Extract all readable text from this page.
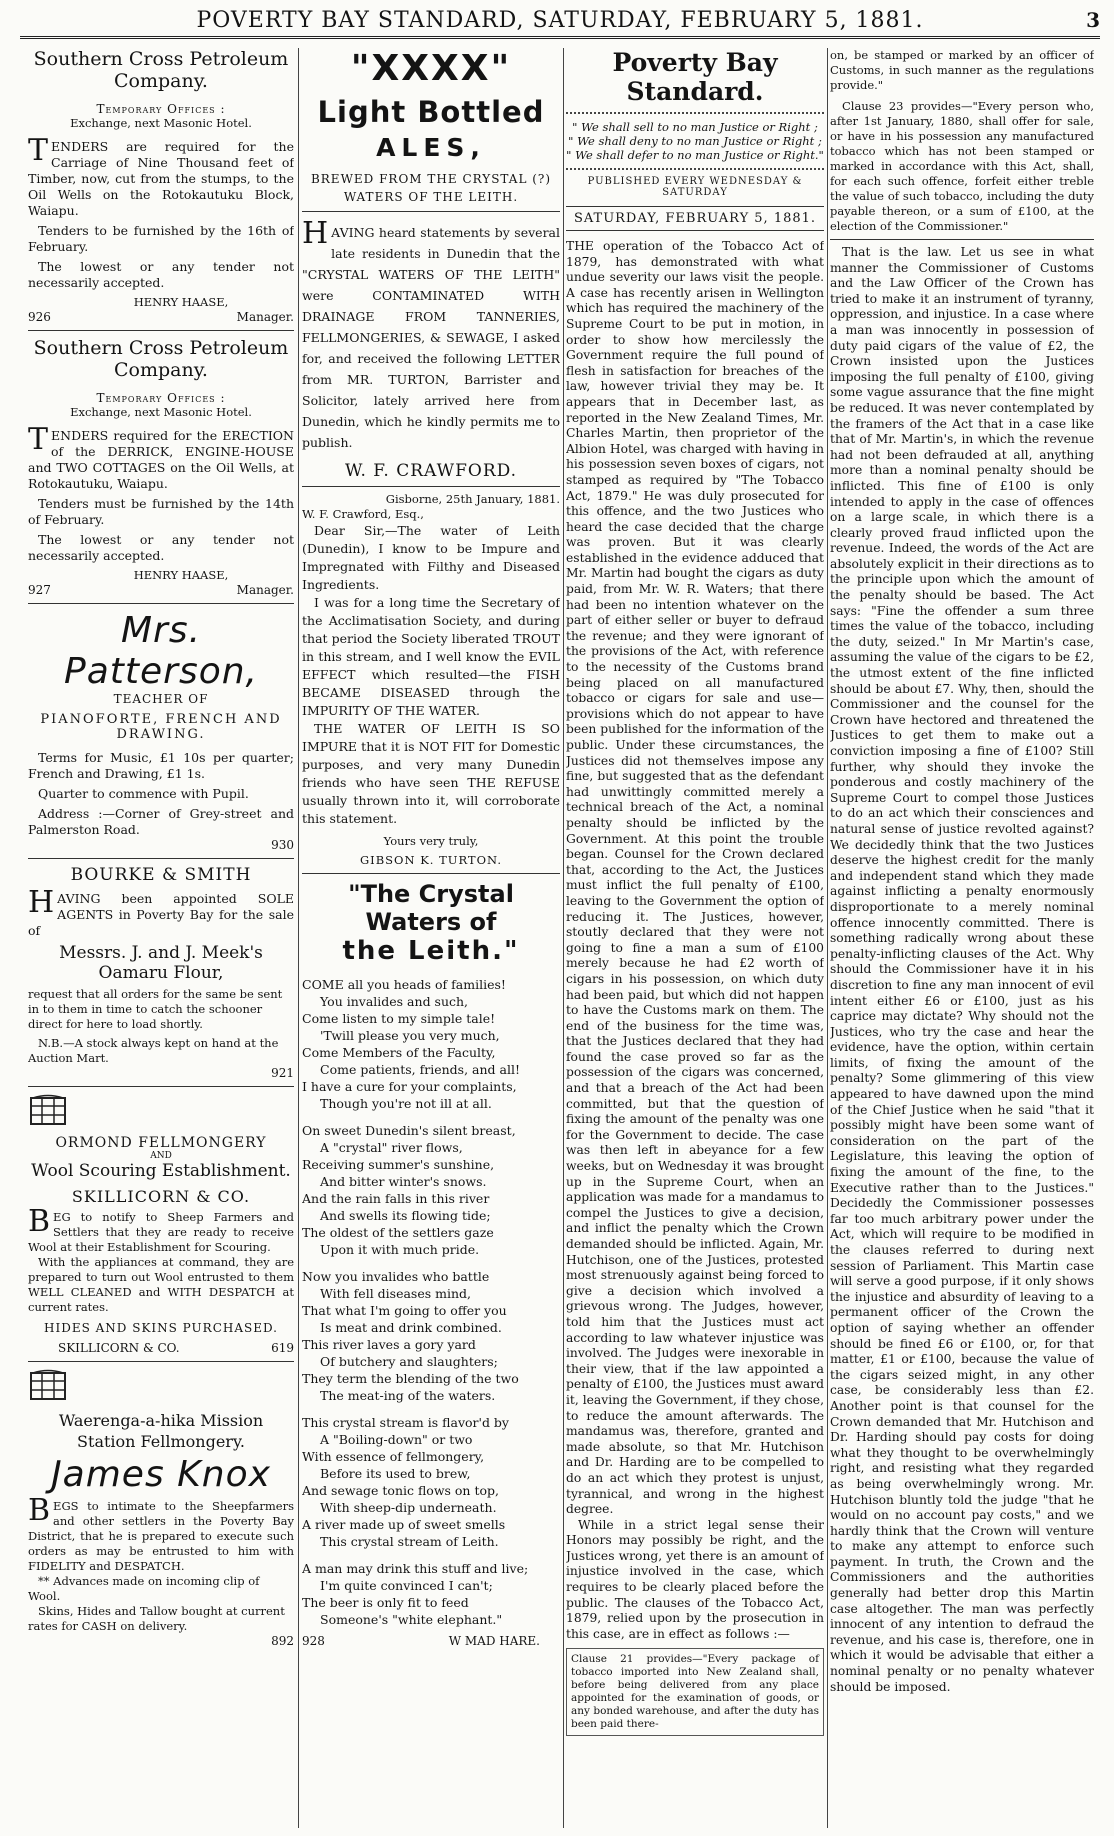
POVERTY BAY STANDARD, SATURDAY, FEBRUARY 5, 1881.	3
Southern Cross Petroleum Company.
Temporary Offices :
Exchange, next Masonic Hotel.
TENDERS are required for the Carriage of Nine Thousand feet of Timber, now, cut from the stumps, to the Oil Wells on the Rotokautuku Block, Waiapu.
Tenders to be furnished by the 16th of February.
The lowest or any tender not necessarily accepted.
HENRY HAASE,
926	Manager.
Southern Cross Petroleum Company.
Temporary Offices :
Exchange, next Masonic Hotel.
TENDERS required for the ERECTION of the DERRICK, ENGINE-HOUSE and TWO COTTAGES on the Oil Wells, at Rotokautuku, Waiapu.
Tenders must be furnished by the 14th of February.
The lowest or any tender not necessarily accepted.
HENRY HAASE,
927	Manager.
Mrs. Patterson,
TEACHER OF
PIANOFORTE, FRENCH AND DRAWING.
Terms for Music, £1 10s per quarter; French and Drawing, £1 1s.
Quarter to commence with Pupil.
Address :—Corner of Grey-street and Palmerston Road.
930
BOURKE & SMITH
HAVING been appointed SOLE AGENTS in Poverty Bay for the sale of
Messrs. J. and J. Meek's
Oamaru Flour,
request that all orders for the same be sent in to them in time to catch the schooner direct for here to load shortly.
N.B.—A stock always kept on hand at the Auction Mart.
921
ORMOND FELLMONGERY
AND
Wool Scouring Establishment.
SKILLICORN & CO.
BEG to notify to Sheep Farmers and Settlers that they are ready to receive Wool at their Establishment for Scouring.
With the appliances at command, they are prepared to turn out Wool entrusted to them WELL CLEANED and WITH DESPATCH at current rates.
HIDES AND SKINS PURCHASED.
SKILLICORN & CO.	619
Waerenga-a-hika Mission Station Fellmongery.
James Knox
BEGS to intimate to the Sheepfarmers and other settlers in the Poverty Bay District, that he is prepared to execute such orders as may be entrusted to him with FIDELITY and DESPATCH.
** Advances made on incoming clip of Wool.
Skins, Hides and Tallow bought at current rates for CASH on delivery.
892
"XXXX"
Light Bottled
ALES,
BREWED FROM THE CRYSTAL (?) WATERS OF THE LEITH.
HAVING heard statements by several late residents in Dunedin that the "CRYSTAL WATERS OF THE LEITH" were CONTAMINATED WITH DRAINAGE FROM TANNERIES, FELLMONGERIES, & SEWAGE, I asked for, and received the following LETTER from MR. TURTON, Barrister and Solicitor, lately arrived here from Dunedin, which he kindly permits me to publish.
W. F. CRAWFORD.
Gisborne, 25th January, 1881.
W. F. Crawford, Esq.,
Dear Sir,—The water of Leith (Dunedin), I know to be Impure and Impregnated with Filthy and Diseased Ingredients.
I was for a long time the Secretary of the Acclimatisation Society, and during that period the Society liberated TROUT in this stream, and I well know the EVIL EFFECT which resulted—the FISH BECAME DISEASED through the IMPURITY OF THE WATER.
THE WATER OF LEITH IS SO IMPURE that it is NOT FIT for Domestic purposes, and very many Dunedin friends who have seen THE REFUSE usually thrown into it, will corroborate this statement.
Yours very truly,
GIBSON K. TURTON.
"The Crystal Waters of
the Leith."

COME all you heads of families!

You invalides and such,

Come listen to my simple tale!

'Twill please you very much,

Come Members of the Faculty,

Come patients, friends, and all!

I have a cure for your complaints,

Though you're not ill at all.

On sweet Dunedin's silent breast,

A "crystal" river flows,

Receiving summer's sunshine,

And bitter winter's snows.

And the rain falls in this river

And swells its flowing tide;

The oldest of the settlers gaze

Upon it with much pride.

Now you invalides who battle

With fell diseases mind,

That what I'm going to offer you

Is meat and drink combined.

This river laves a gory yard

Of butchery and slaughters;

They term the blending of the two

The meat-ing of the waters.

This crystal stream is flavor'd by

A "Boiling-down" or two

With essence of fellmongery,

Before its used to brew,

And sewage tonic flows on top,

With sheep-dip underneath.

A river made up of sweet smells

This crystal stream of Leith.

A man may drink this stuff and live;

I'm quite convinced I can't;

The beer is only fit to feed

Someone's "white elephant."

928	W MAD HARE.
Poverty Bay Standard.
" We shall sell to no man Justice or Right ;
" We shall deny to no man Justice or Right ;
" We shall defer to no man Justice or Right."
PUBLISHED EVERY WEDNESDAY & SATURDAY
SATURDAY, FEBRUARY 5, 1881.
THE operation of the Tobacco Act of 1879, has demonstrated with what undue severity our laws visit the people. A case has recently arisen in Wellington which has required the machinery of the Supreme Court to be put in motion, in order to show how mercilessly the Government require the full pound of flesh in satisfaction for breaches of the law, however trivial they may be. It appears that in December last, as reported in the New Zealand Times, Mr. Charles Martin, then proprietor of the Albion Hotel, was charged with having in his possession seven boxes of cigars, not stamped as required by "The Tobacco Act, 1879." He was duly prosecuted for this offence, and the two Justices who heard the case decided that the charge was proven. But it was clearly established in the evidence adduced that Mr. Martin had bought the cigars as duty paid, from Mr. W. R. Waters; that there had been no intention whatever on the part of either seller or buyer to defraud the revenue; and they were ignorant of the provisions of the Act, with reference to the necessity of the Customs brand being placed on all manufactured tobacco or cigars for sale and use—provisions which do not appear to have been published for the information of the public. Under these circumstances, the Justices did not themselves impose any fine, but suggested that as the defendant had unwittingly committed merely a technical breach of the Act, a nominal penalty should be inflicted by the Government. At this point the trouble began. Counsel for the Crown declared that, according to the Act, the Justices must inflict the full penalty of £100, leaving to the Government the option of reducing it. The Justices, however, stoutly declared that they were not going to fine a man a sum of £100 merely because he had £2 worth of cigars in his possession, on which duty had been paid, but which did not happen to have the Customs mark on them. The end of the business for the time was, that the Justices declared that they had found the case proved so far as the possession of the cigars was concerned, and that a breach of the Act had been committed, but that the question of fixing the amount of the penalty was one for the Government to decide. The case was then left in abeyance for a few weeks, but on Wednesday it was brought up in the Supreme Court, when an application was made for a mandamus to compel the Justices to give a decision, and inflict the penalty which the Crown demanded should be inflicted. Again, Mr. Hutchison, one of the Justices, protested most strenuously against being forced to give a decision which involved a grievous wrong. The Judges, however, told him that the Justices must act according to law whatever injustice was involved. The Judges were inexorable in their view, that if the law appointed a penalty of £100, the Justices must award it, leaving the Government, if they chose, to reduce the amount afterwards. The mandamus was, therefore, granted and made absolute, so that Mr. Hutchison and Dr. Harding are to be compelled to do an act which they protest is unjust, tyrannical, and wrong in the highest degree.
While in a strict legal sense their Honors may possibly be right, and the Justices wrong, yet there is an amount of injustice involved in the case, which requires to be clearly placed before the public. The clauses of the Tobacco Act, 1879, relied upon by the prosecution in this case, are in effect as follows :—
Clause 21 provides—"Every package of tobacco imported into New Zealand shall, before being delivered from any place appointed for the examination of goods, or any bonded warehouse, and after the duty has been paid there-
on, be stamped or marked by an officer of Customs, in such manner as the regulations provide."
Clause 23 provides—"Every person who, after 1st January, 1880, shall offer for sale, or have in his possession any manufactured tobacco which has not been stamped or marked in accordance with this Act, shall, for each such offence, forfeit either treble the value of such tobacco, including the duty payable thereon, or a sum of £100, at the election of the Commissioner."
That is the law. Let us see in what manner the Commissioner of Customs and the Law Officer of the Crown has tried to make it an instrument of tyranny, oppression, and injustice. In a case where a man was innocently in possession of duty paid cigars of the value of £2, the Crown insisted upon the Justices imposing the full penalty of £100, giving some vague assurance that the fine might be reduced. It was never contemplated by the framers of the Act that in a case like that of Mr. Martin's, in which the revenue had not been defrauded at all, anything more than a nominal penalty should be inflicted. This fine of £100 is only intended to apply in the case of offences on a large scale, in which there is a clearly proved fraud inflicted upon the revenue. Indeed, the words of the Act are absolutely explicit in their directions as to the principle upon which the amount of the penalty should be based. The Act says: "Fine the offender a sum three times the value of the tobacco, including the duty, seized." In Mr Martin's case, assuming the value of the cigars to be £2, the utmost extent of the fine inflicted should be about £7. Why, then, should the Commissioner and the counsel for the Crown have hectored and threatened the Justices to get them to make out a conviction imposing a fine of £100? Still further, why should they invoke the ponderous and costly machinery of the Supreme Court to compel those Justices to do an act which their consciences and natural sense of justice revolted against? We decidedly think that the two Justices deserve the highest credit for the manly and independent stand which they made against inflicting a penalty enormously disproportionate to a merely nominal offence innocently committed. There is something radically wrong about these penalty-inflicting clauses of the Act. Why should the Commissioner have it in his discretion to fine any man innocent of evil intent either £6 or £100, just as his caprice may dictate? Why should not the Justices, who try the case and hear the evidence, have the option, within certain limits, of fixing the amount of the penalty? Some glimmering of this view appeared to have dawned upon the mind of the Chief Justice when he said "that it possibly might have been some want of consideration on the part of the Legislature, this leaving the option of fixing the amount of the fine, to the Executive rather than to the Justices." Decidedly the Commissioner possesses far too much arbitrary power under the Act, which will require to be modified in the clauses referred to during next session of Parliament. This Martin case will serve a good purpose, if it only shows the injustice and absurdity of leaving to a permanent officer of the Crown the option of saying whether an offender should be fined £6 or £100, or, for that matter, £1 or £100, because the value of the cigars seized might, in any other case, be considerably less than £2. Another point is that counsel for the Crown demanded that Mr. Hutchison and Dr. Harding should pay costs for doing what they thought to be overwhelmingly right, and resisting what they regarded as being overwhelmingly wrong. Mr. Hutchison bluntly told the judge "that he would on no account pay costs," and we hardly think that the Crown will venture to make any attempt to enforce such payment. In truth, the Crown and the Commissioners and the authorities generally had better drop this Martin case altogether. The man was perfectly innocent of any intention to defraud the revenue, and his case is, therefore, one in which it would be advisable that either a nominal penalty or no penalty whatever should be imposed.
